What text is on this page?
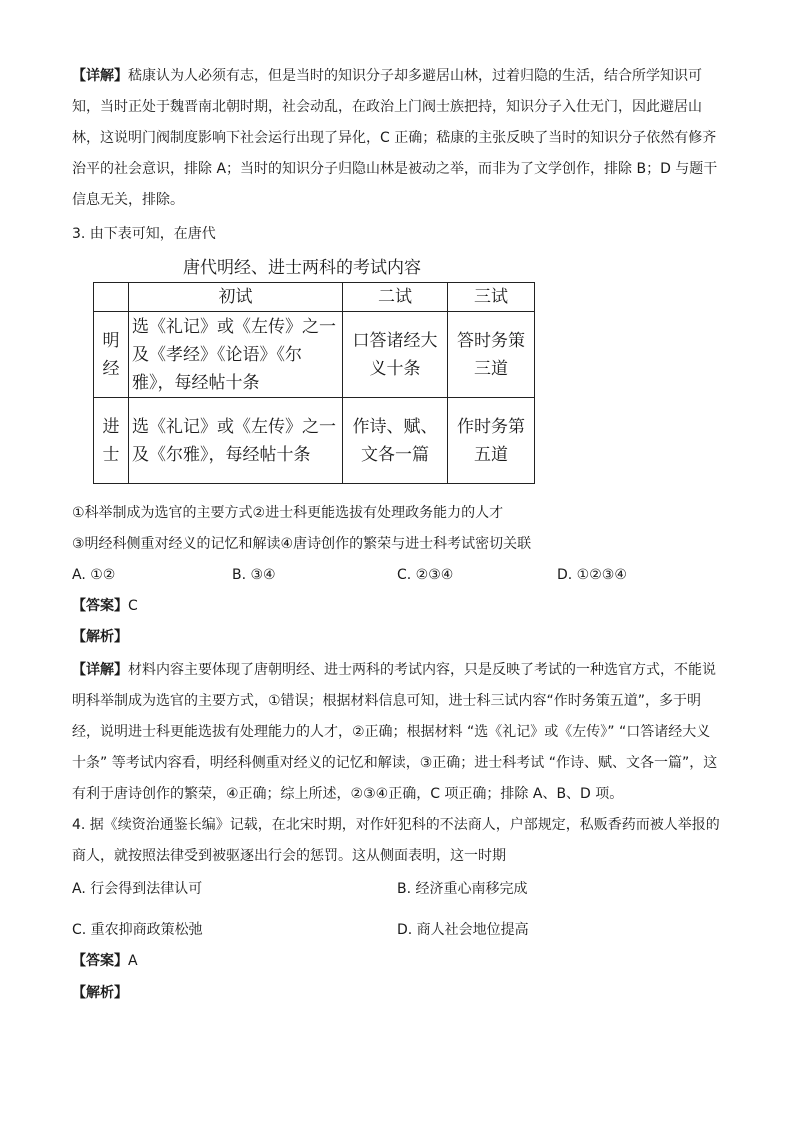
【详解】嵇康认为人必须有志，但是当时的知识分子却多避居山林，过着归隐的生活，结合所学知识可知，当时正处于魏晋南北朝时期，社会动乱，在政治上门阀士族把持，知识分子入仕无门，因此避居山林，这说明门阀制度影响下社会运行出现了异化，C 正确；嵇康的主张反映了当时的知识分子依然有修齐治平的社会意识，排除 A；当时的知识分子归隐山林是被动之举，而非为了文学创作，排除 B；D 与题干信息无关，排除。
3. 由下表可知，在唐代
唐代明经、进士两科的考试内容
	初试	二试	三试
明经	选《礼记》或《左传》之一及《孝经》《论语》《尔雅》，每经帖十条	口答诸经大义十条	答时务策三道
进士	选《礼记》或《左传》之一及《尔雅》，每经帖十条	作诗、赋、文各一篇	作时务第五道
①科举制成为选官的主要方式②进士科更能选拔有处理政务能力的人才
③明经科侧重对经义的记忆和解读④唐诗创作的繁荣与进士科考试密切关联
A. ①②	B. ③④	C. ②③④	D. ①②③④
【答案】C
【解析】
【详解】材料内容主要体现了唐朝明经、进士两科的考试内容，只是反映了考试的一种选官方式，不能说明科举制成为选官的主要方式，①错误；根据材料信息可知，进士科三试内容“作时务策五道”，多于明经，说明进士科更能选拔有处理能力的人才，②正确；根据材料 “选《礼记》或《左传》” “口答诸经大义十条” 等考试内容看，明经科侧重对经义的记忆和解读，③正确；进士科考试 “作诗、赋、文各一篇”，这有利于唐诗创作的繁荣，④正确；综上所述，②③④正确，C 项正确；排除 A、B、D 项。
4. 据《续资治通鉴长编》记载，在北宋时期，对作奸犯科的不法商人，户部规定，私贩香药而被人举报的商人，就按照法律受到被驱逐出行会的惩罚。这从侧面表明，这一时期
A. 行会得到法律认可	B. 经济重心南移完成
C. 重农抑商政策松弛	D. 商人社会地位提高
【答案】A
【解析】
